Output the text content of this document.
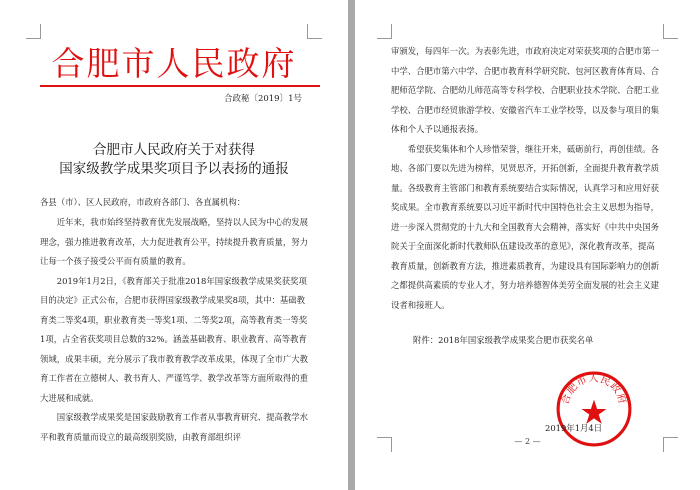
合肥市人民政府
合政秘〔2019〕1号
合肥市人民政府关于对获得
国家级教学成果奖项目予以表扬的通报
各县（市）、区人民政府，市政府各部门、各直属机构：

近年来，我市始终坚持教育优先发展战略，坚持以人民为中心的发展理念，强力推进教育改革，大力促进教育公平，持续提升教育质量，努力让每一个孩子接受公平而有质量的教育。

2019年1月2日，《教育部关于批准2018年国家级教学成果奖获奖项目的决定》正式公布，合肥市获得国家级教学成果奖8项，其中：基础教育类二等奖4项，职业教育类一等奖1项、二等奖2项，高等教育类一等奖1项，占全省获奖项目总数的32%。涵盖基础教育、职业教育、高等教育领域，成果丰硕，充分展示了我市教育教学改革成果，体现了全市广大教育工作者在立德树人、教书育人、严谨笃学、教学改革等方面所取得的重大进展和成就。

国家级教学成果奖是国家鼓励教育工作者从事教育研究、提高教学水平和教育质量而设立的最高级别奖励，由教育部组织评

审颁发，每四年一次。为表彰先进，市政府决定对荣获奖项的合肥市第一中学、合肥市第六中学、合肥市教育科学研究院、包河区教育体育局、合肥师范学院、合肥幼儿师范高等专科学校、合肥职业技术学院、合肥工业学校、合肥市经贸旅游学校、安徽省汽车工业学校等，以及参与项目的集体和个人予以通报表扬。

希望获奖集体和个人珍惜荣誉，继往开来，砥砺前行，再创佳绩。各地、各部门要以先进为榜样，见贤思齐，开拓创新，全面提升教育教学质量。各级教育主管部门和教育系统要结合实际情况，认真学习和应用好获奖成果。全市教育系统要以习近平新时代中国特色社会主义思想为指导，进一步深入贯彻党的十九大和全国教育大会精神，落实好《中共中央国务院关于全面深化新时代教师队伍建设改革的意见》，深化教育改革，提高教育质量，创新教育方法，推进素质教育，为建设具有国际影响力的创新之都提供高素质的专业人才，努力培养德智体美劳全面发展的社会主义建设者和接班人。

附件：2018年国家级教学成果奖合肥市获奖名单
合肥市人民政府
2019年1月4日
— 2 —
